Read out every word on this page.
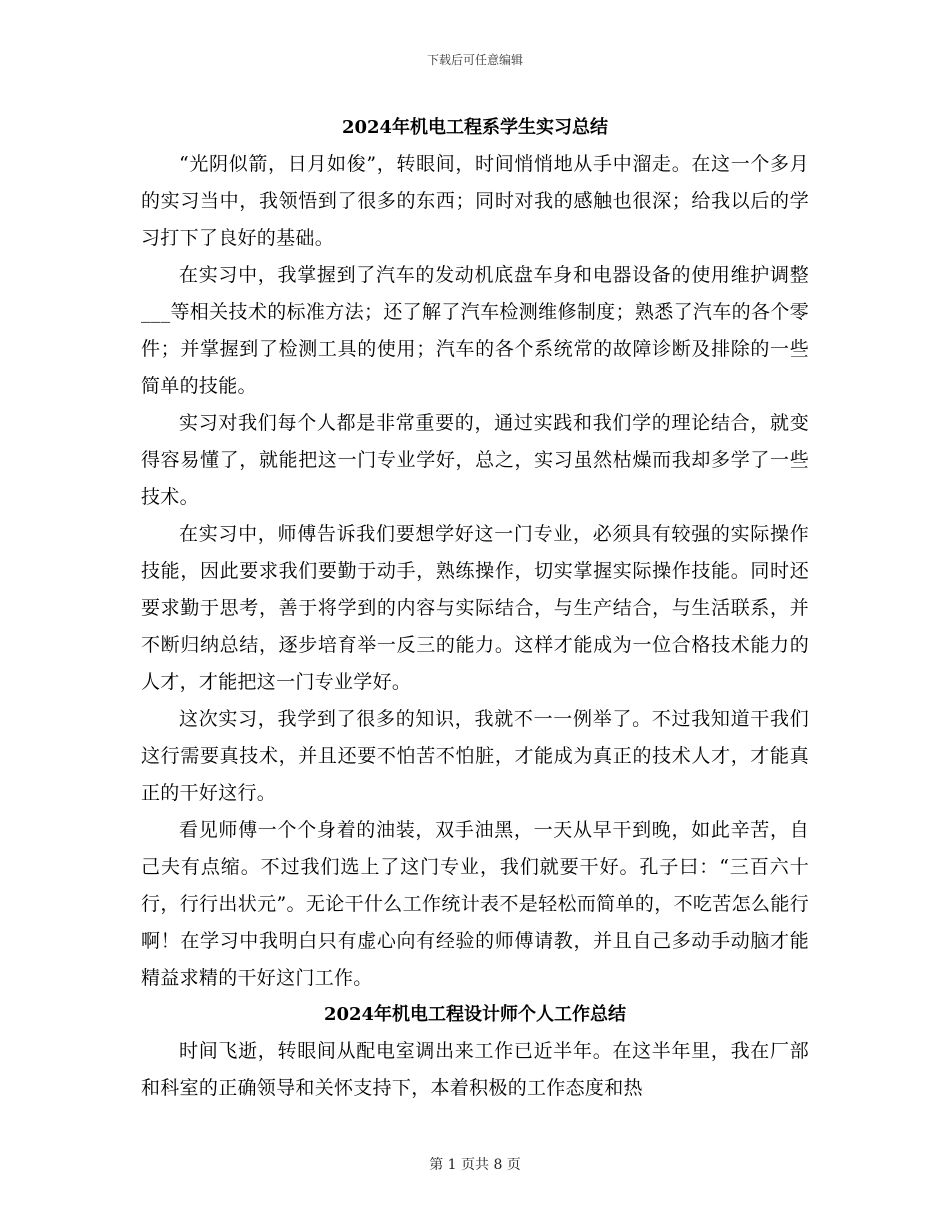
下载后可任意编辑
2024年机电工程系学生实习总结

“光阴似箭，日月如俊”，转眼间，时间悄悄地从手中溜走。在这一个多月的实习当中，我领悟到了很多的东西；同时对我的感触也很深；给我以后的学习打下了良好的基础。

在实习中，我掌握到了汽车的发动机底盘车身和电器设备的使用维护调整___等相关技术的标准方法；还了解了汽车检测维修制度；熟悉了汽车的各个零件；并掌握到了检测工具的使用；汽车的各个系统常的故障诊断及排除的一些简单的技能。

实习对我们每个人都是非常重要的，通过实践和我们学的理论结合，就变得容易懂了，就能把这一门专业学好，总之，实习虽然枯燥而我却多学了一些技术。

在实习中，师傅告诉我们要想学好这一门专业，必须具有较强的实际操作技能，因此要求我们要勤于动手，熟练操作，切实掌握实际操作技能。同时还要求勤于思考，善于将学到的内容与实际结合，与生产结合，与生活联系，并不断归纳总结，逐步培育举一反三的能力。这样才能成为一位合格技术能力的人才，才能把这一门专业学好。

这次实习，我学到了很多的知识，我就不一一例举了。不过我知道干我们这行需要真技术，并且还要不怕苦不怕脏，才能成为真正的技术人才，才能真正的干好这行。

看见师傅一个个身着的油装，双手油黑，一天从早干到晚，如此辛苦，自己夫有点缩。不过我们选上了这门专业，我们就要干好。孔子曰：“三百六十行，行行出状元”。无论干什么工作统计表不是轻松而简单的，不吃苦怎么能行啊！在学习中我明白只有虚心向有经验的师傅请教，并且自己多动手动脑才能精益求精的干好这门工作。

2024年机电工程设计师个人工作总结

时间飞逝，转眼间从配电室调出来工作已近半年。在这半年里，我在厂部和科室的正确领导和关怀支持下，本着积极的工作态度和热

第 1 页共 8 页
